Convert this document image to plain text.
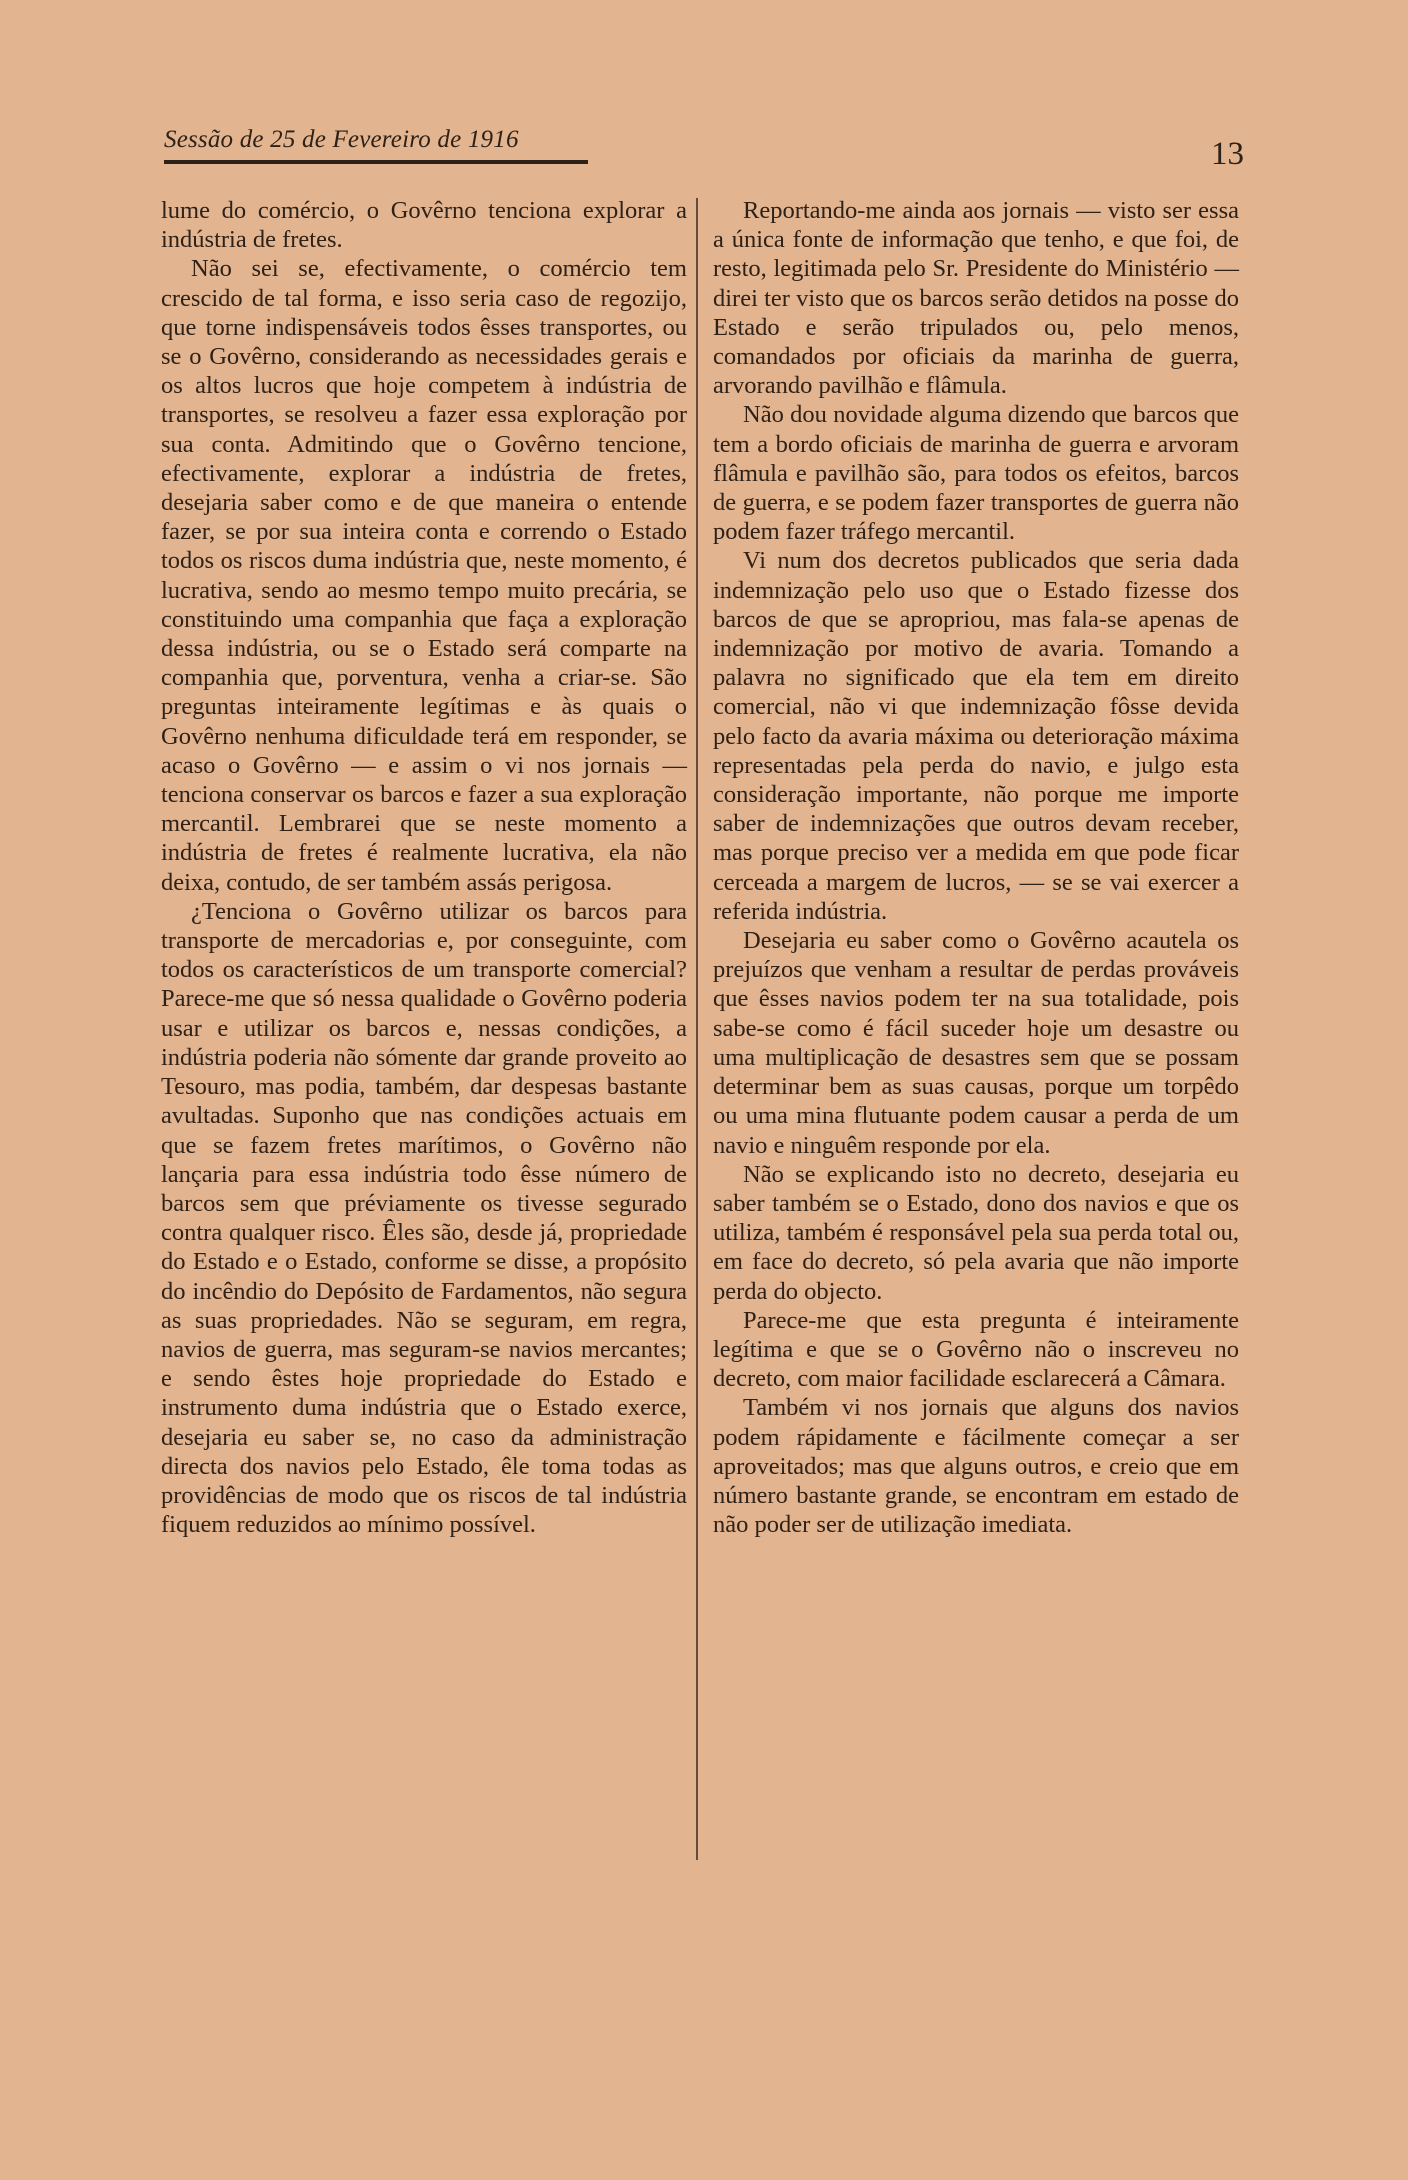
Sessão de 25 de Fevereiro de 1916	13

lume do comércio, o Govêrno tenciona explorar a indústria de fretes.

Não sei se, efectivamente, o comércio tem crescido de tal forma, e isso seria caso de regozijo, que torne indispensáveis todos êsses transportes, ou se o Govêrno, considerando as necessidades gerais e os altos lucros que hoje competem à indústria de transportes, se resolveu a fazer essa exploração por sua conta. Admitindo que o Govêrno tencione, efectivamente, explorar a indústria de fretes, desejaria saber como e de que maneira o entende fazer, se por sua inteira conta e correndo o Estado todos os riscos duma indústria que, neste momento, é lucrativa, sendo ao mesmo tempo muito precária, se constituindo uma companhia que faça a exploração dessa indústria, ou se o Estado será comparte na companhia que, porventura, venha a criar-se. São preguntas inteiramente legítimas e às quais o Govêrno nenhuma dificuldade terá em responder, se acaso o Govêrno — e assim o vi nos jornais — tenciona conservar os barcos e fazer a sua exploração mercantil. Lembrarei que se neste momento a indústria de fretes é realmente lucrativa, ela não deixa, contudo, de ser também assás perigosa.

¿Tenciona o Govêrno utilizar os barcos para transporte de mercadorias e, por conseguinte, com todos os característicos de um transporte comercial? Parece-me que só nessa qualidade o Govêrno poderia usar e utilizar os barcos e, nessas condições, a indústria poderia não sómente dar grande proveito ao Tesouro, mas podia, também, dar despesas bastante avultadas. Suponho que nas condições actuais em que se fazem fretes marítimos, o Govêrno não lançaria para essa indústria todo êsse número de barcos sem que préviamente os tivesse segurado contra qualquer risco. Êles são, desde já, propriedade do Estado e o Estado, conforme se disse, a propósito do incêndio do Depósito de Fardamentos, não segura as suas propriedades. Não se seguram, em regra, navios de guerra, mas seguram-se navios mercantes; e sendo êstes hoje propriedade do Estado e instrumento duma indústria que o Estado exerce, desejaria eu saber se, no caso da administração directa dos navios pelo Estado, êle toma todas as providências de modo que os riscos de tal indústria fiquem reduzidos ao mínimo possível.

Reportando-me ainda aos jornais — visto ser essa a única fonte de informação que tenho, e que foi, de resto, legitimada pelo Sr. Presidente do Ministério — direi ter visto que os barcos serão detidos na posse do Estado e serão tripulados ou, pelo menos, comandados por oficiais da marinha de guerra, arvorando pavilhão e flâmula.

Não dou novidade alguma dizendo que barcos que tem a bordo oficiais de marinha de guerra e arvoram flâmula e pavilhão são, para todos os efeitos, barcos de guerra, e se podem fazer transportes de guerra não podem fazer tráfego mercantil.

Vi num dos decretos publicados que seria dada indemnização pelo uso que o Estado fizesse dos barcos de que se apropriou, mas fala-se apenas de indemnização por motivo de avaria. Tomando a palavra no significado que ela tem em direito comercial, não vi que indemnização fôsse devida pelo facto da avaria máxima ou deterioração máxima representadas pela perda do navio, e julgo esta consideração importante, não porque me importe saber de indemnizações que outros devam receber, mas porque preciso ver a medida em que pode ficar cerceada a margem de lucros, — se se vai exercer a referida indústria.

Desejaria eu saber como o Govêrno acautela os prejuízos que venham a resultar de perdas prováveis que êsses navios podem ter na sua totalidade, pois sabe-se como é fácil suceder hoje um desastre ou uma multiplicação de desastres sem que se possam determinar bem as suas causas, porque um torpêdo ou uma mina flutuante podem causar a perda de um navio e ninguêm responde por ela.

Não se explicando isto no decreto, desejaria eu saber também se o Estado, dono dos navios e que os utiliza, também é responsável pela sua perda total ou, em face do decreto, só pela avaria que não importe perda do objecto.

Parece-me que esta pregunta é inteiramente legítima e que se o Govêrno não o inscreveu no decreto, com maior facilidade esclarecerá a Câmara.

Também vi nos jornais que alguns dos navios podem rápidamente e fácilmente começar a ser aproveitados; mas que alguns outros, e creio que em número bastante grande, se encontram em estado de não poder ser de utilização imediata.
